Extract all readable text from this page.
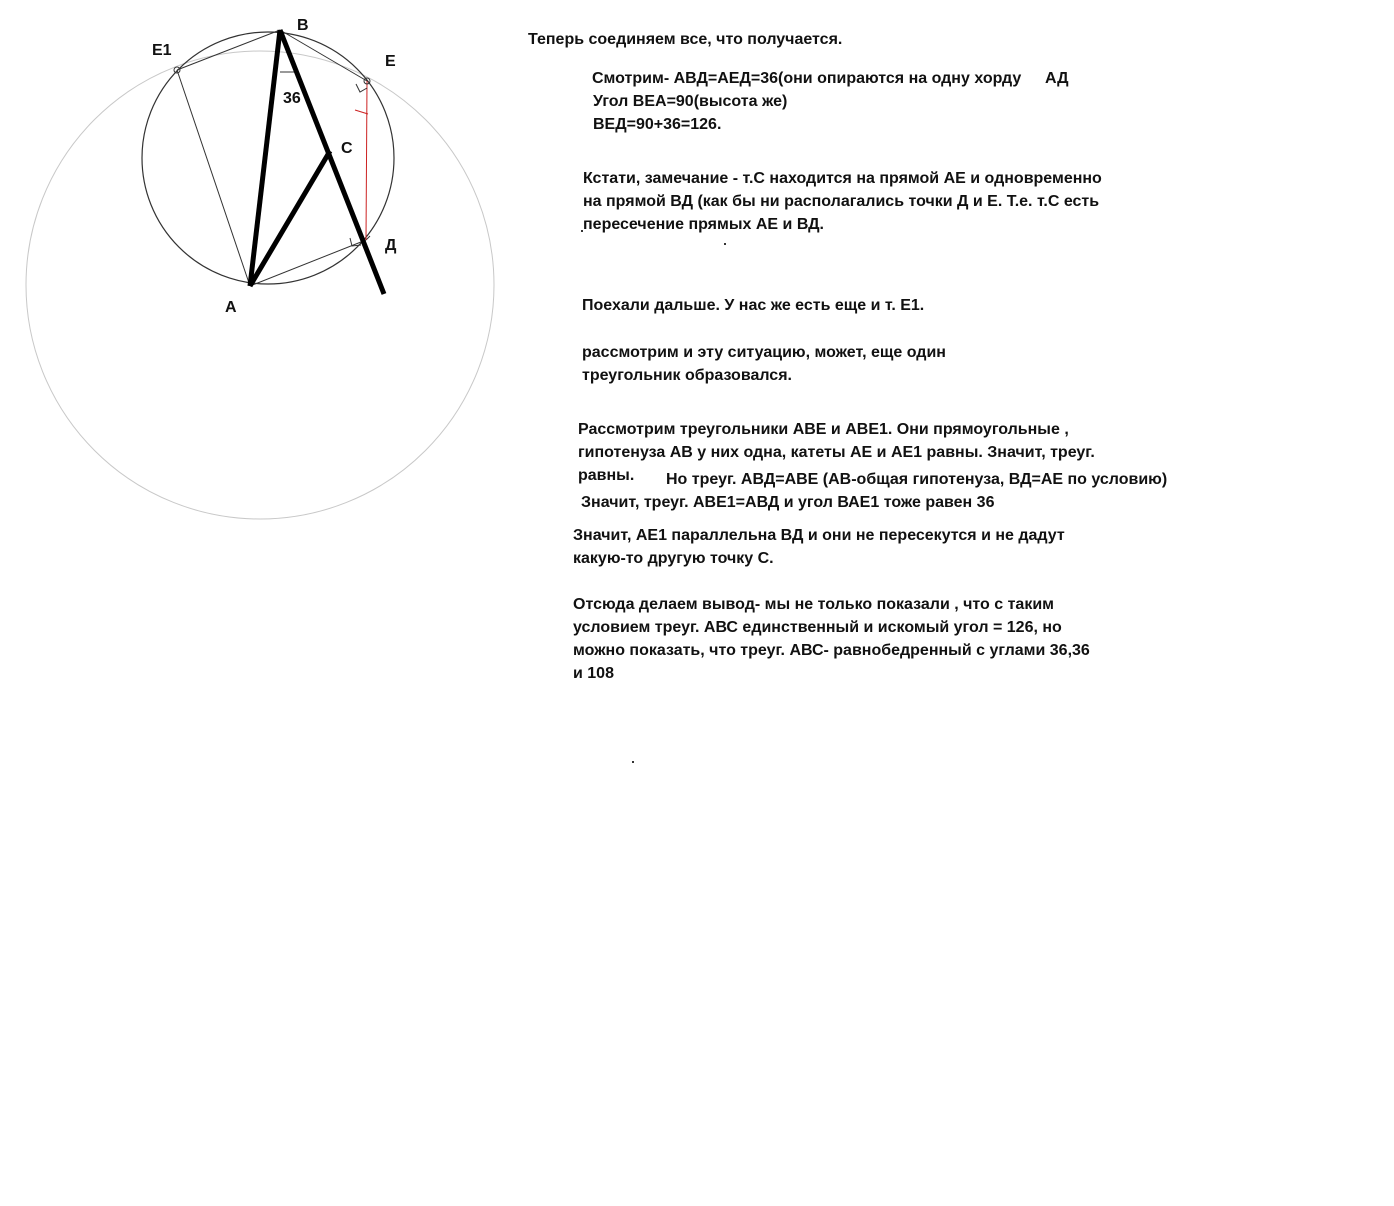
B
E1
E
36
C
Д
A
Теперь соединяем все, что получается.
Смотрим- АВД=АЕД=36(они опираются на одну хорду АД
Угол ВЕА=90(высота же)
ВЕД=90+36=126.
Кстати, замечание - т.С находится на прямой АЕ и одновременно
на прямой ВД (как бы ни располагались точки Д и Е. Т.е. т.С есть
пересечение прямых АЕ и ВД.
Поехали дальше. У нас же есть еще и т. Е1.
рассмотрим и эту ситуацию, может, еще один
треугольник образовался.
Рассмотрим треугольники АВЕ и АВЕ1. Они прямоугольные ,
гипотенуза АВ у них одна, катеты АЕ и АЕ1 равны. Значит, треуг.
равны. Но треуг. АВД=АВЕ (АВ-общая гипотенуза, ВД=АЕ по условию)
Значит, треуг. АВЕ1=АВД и угол ВАЕ1 тоже равен 36
Значит, АЕ1 параллельна ВД и они не пересекутся и не дадут
какую-то другую точку С.
Отсюда делаем вывод- мы не только показали , что с таким
условием треуг. АВС единственный и искомый угол = 126, но
можно показать, что треуг. АВС- равнобедренный с углами 36,36
и 108
